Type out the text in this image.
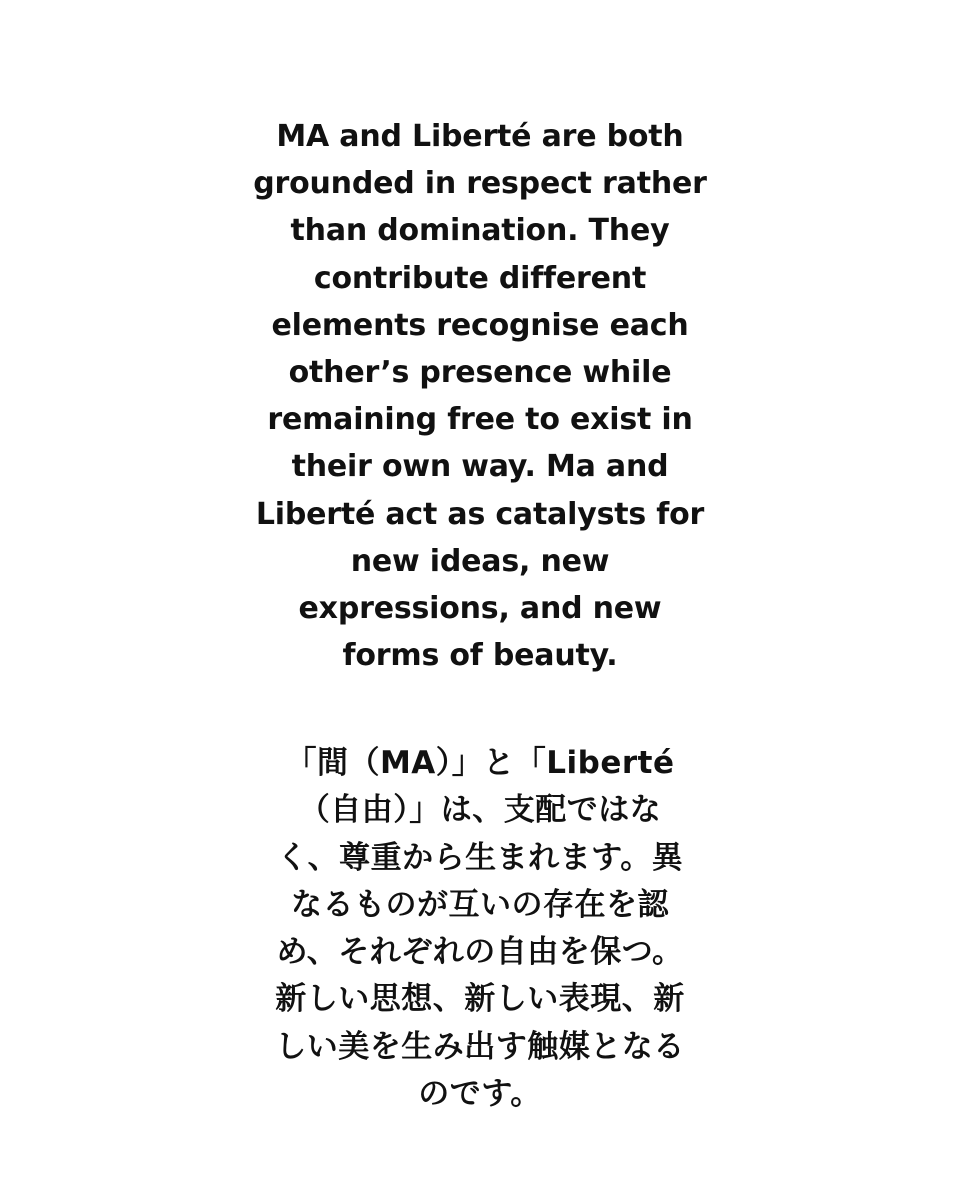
MA and Liberté are both
grounded in respect rather
than domination. They
contribute different
elements recognise each
other’s presence while
remaining free to exist in
their own way. Ma and
Liberté act as catalysts for
new ideas, new
expressions, and new
forms of beauty.
「間（MA）」と「Liberté
（自由）」は、支配ではな
く、尊重から生まれます。異
なるものが互いの存在を認
め、それぞれの自由を保つ。
新しい思想、新しい表現、新
しい美を生み出す触媒となる
のです。
